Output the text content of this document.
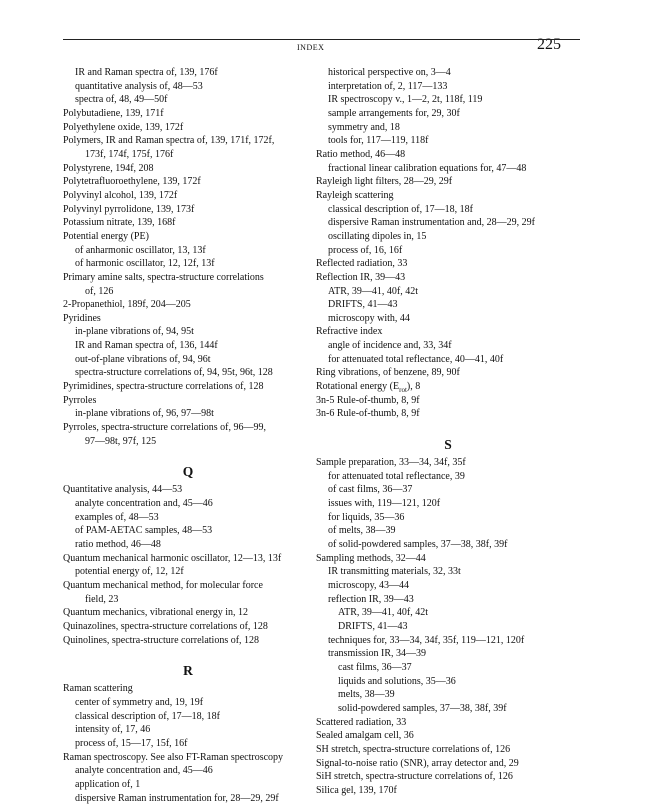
INDEX	225
IR and Raman spectra of, 139, 176f
quantitative analysis of, 48—53
spectra of, 48, 49—50f
Polybutadiene, 139, 171f
Polyethylene oxide, 139, 172f
Polymers, IR and Raman spectra of, 139, 171f, 172f,
173f, 174f, 175f, 176f
Polystyrene, 194f, 208
Polytetrafluoroethylene, 139, 172f
Polyvinyl alcohol, 139, 172f
Polyvinyl pyrrolidone, 139, 173f
Potassium nitrate, 139, 168f
Potential energy (PE)
of anharmonic oscillator, 13, 13f
of harmonic oscillator, 12, 12f, 13f
Primary amine salts, spectra-structure correlations
of, 126
2-Propanethiol, 189f, 204—205
Pyridines
in-plane vibrations of, 94, 95t
IR and Raman spectra of, 136, 144f
out-of-plane vibrations of, 94, 96t
spectra-structure correlations of, 94, 95t, 96t, 128
Pyrimidines, spectra-structure correlations of, 128
Pyrroles
in-plane vibrations of, 96, 97—98t
Pyrroles, spectra-structure correlations of, 96—99,
97—98t, 97f, 125
Q
Quantitative analysis, 44—53
analyte concentration and, 45—46
examples of, 48—53
of PAM-AETAC samples, 48—53
ratio method, 46—48
Quantum mechanical harmonic oscillator, 12—13, 13f
potential energy of, 12, 12f
Quantum mechanical method, for molecular force
field, 23
Quantum mechanics, vibrational energy in, 12
Quinazolines, spectra-structure correlations of, 128
Quinolines, spectra-structure correlations of, 128
R
Raman scattering
center of symmetry and, 19, 19f
classical description of, 17—18, 18f
intensity of, 17, 46
process of, 15—17, 15f, 16f
Raman spectroscopy. See also FT-Raman spectroscopy
analyte concentration and, 45—46
application of, 1
dispersive Raman instrumentation for, 28—29, 29f
historical perspective on, 3—4
interpretation of, 2, 117—133
IR spectroscopy v., 1—2, 2t, 118f, 119
sample arrangements for, 29, 30f
symmetry and, 18
tools for, 117—119, 118f
Ratio method, 46—48
fractional linear calibration equations for, 47—48
Rayleigh light filters, 28—29, 29f
Rayleigh scattering
classical description of, 17—18, 18f
dispersive Raman instrumentation and, 28—29, 29f
oscillating dipoles in, 15
process of, 16, 16f
Reflected radiation, 33
Reflection IR, 39—43
ATR, 39—41, 40f, 42t
DRIFTS, 41—43
microscopy with, 44
Refractive index
angle of incidence and, 33, 34f
for attenuated total reflectance, 40—41, 40f
Ring vibrations, of benzene, 89, 90f
Rotational energy $(E_{rot})$, 8
3n-5 Rule-of-thumb, 8, 9f
3n-6 Rule-of-thumb, 8, 9f
S
Sample preparation, 33—34, 34f, 35f
for attenuated total reflectance, 39
of cast films, 36—37
issues with, 119—121, 120f
for liquids, 35—36
of melts, 38—39
of solid-powdered samples, 37—38, 38f, 39f
Sampling methods, 32—44
IR transmitting materials, 32, 33t
microscopy, 43—44
reflection IR, 39—43
ATR, 39—41, 40f, 42t
DRIFTS, 41—43
techniques for, 33—34, 34f, 35f, 119—121, 120f
transmission IR, 34—39
cast films, 36—37
liquids and solutions, 35—36
melts, 38—39
solid-powdered samples, 37—38, 38f, 39f
Scattered radiation, 33
Sealed amalgam cell, 36
SH stretch, spectra-structure correlations of, 126
Signal-to-noise ratio (SNR), array detector and, 29
SiH stretch, spectra-structure correlations of, 126
Silica gel, 139, 170f
